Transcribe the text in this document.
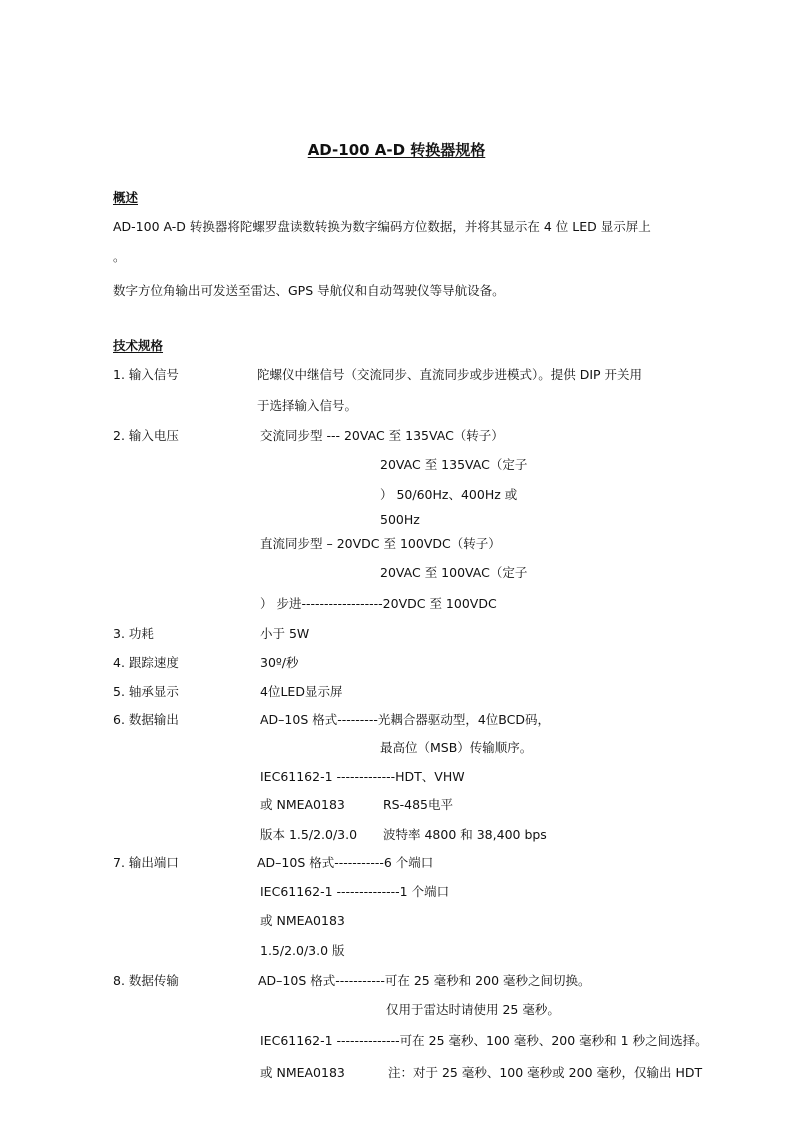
AD-100 A-D 转换器规格
概述
AD-100 A-D 转换器将陀螺罗盘读数转换为数字编码方位数据，并将其显示在 4 位 LED 显示屏上
。
数字方位角输出可发送至雷达、GPS 导航仪和自动驾驶仪等导航设备。
技术规格
1. 输入信号	陀螺仪中继信号（交流同步、直流同步或步进模式）。提供 DIP 开关用
于选择输入信号。
2. 输入电压	交流同步型 --- 20VAC 至 135VAC（转子）
20VAC 至 135VAC（定子
） 50/60Hz、400Hz 或
500Hz
直流同步型 – 20VDC 至 100VDC（转子）
20VAC 至 100VAC（定子
） 步进------------------20VDC 至 100VDC
3. 功耗	小于 5W
4. 跟踪速度	30º/秒
5. 轴承显示	4位LED显示屏
6. 数据输出	AD–10S 格式---------光耦合器驱动型，4位BCD码，
最高位（MSB）传输顺序。
IEC61162-1 -------------HDT、VHW
或 NMEA0183	RS-485电平
版本 1.5/2.0/3.0 波特率 4800 和 38,400 bps
7. 输出端口	AD–10S 格式-----------6 个端口
IEC61162-1 --------------1 个端口
或 NMEA0183
1.5/2.0/3.0 版
8. 数据传输	AD–10S 格式-----------可在 25 毫秒和 200 毫秒之间切换。
仅用于雷达时请使用 25 毫秒。
IEC61162-1 --------------可在 25 毫秒、100 毫秒、200 毫秒和 1 秒之间选择。
或 NMEA0183	注：对于 25 毫秒、100 毫秒或 200 毫秒，仅输出 HDT
